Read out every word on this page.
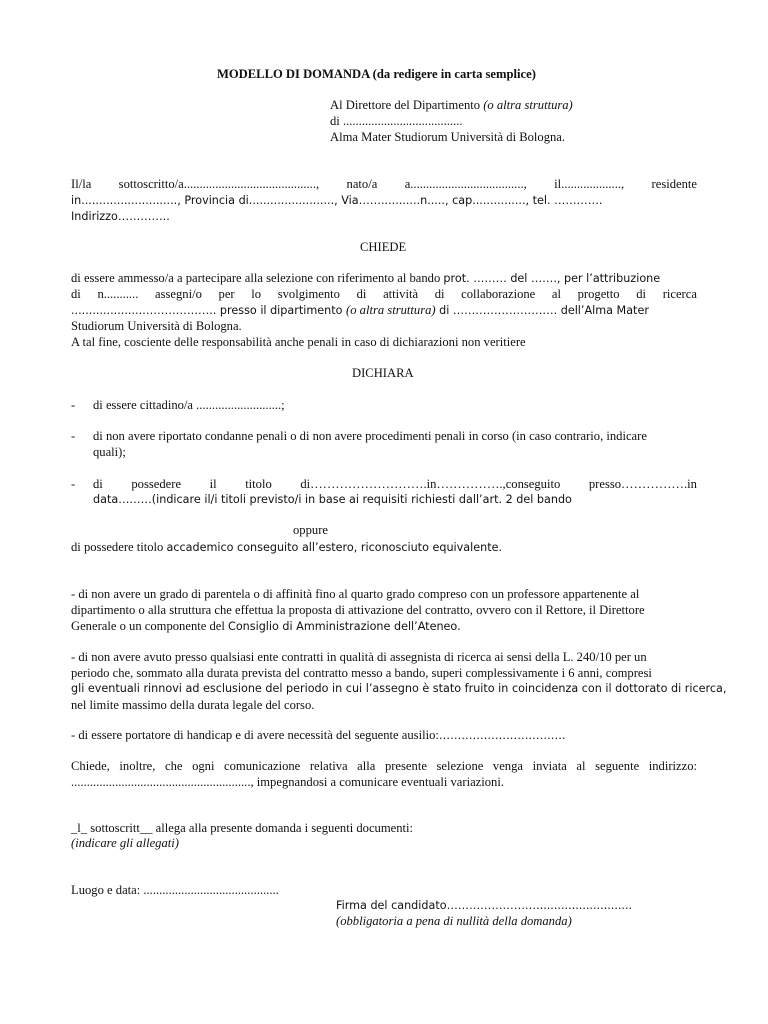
MODELLO DI DOMANDA (da redigere in carta semplice)
Al Direttore del Dipartimento (o altra struttura)
di ......................................
Alma Mater Studiorum Università di Bologna.
Il/la sottoscritto/a.........................................., nato/a a...................................., il..................., residente
in..........................., Provincia di........................, Via……...........n....., cap..............., tel. ………….
Indirizzo…………..
CHIEDE
di essere ammesso/a a partecipare alla selezione con riferimento al bando prot. ……… del ……., per l’attribuzione
di n........... assegni/o per lo svolgimento di attività di collaborazione al progetto di ricerca
....................……………….. presso il dipartimento (o altra struttura) di ………………………. dell’Alma Mater
Studiorum Università di Bologna.
A tal fine, cosciente delle responsabilità anche penali in caso di dichiarazioni non veritiere
DICHIARA
- di essere cittadino/a ...........................;
- di non avere riportato condanne penali o di non avere procedimenti penali in corso (in caso contrario, indicare
quali);
- di possedere il titolo di……………………….in…………….,conseguito presso…………….in
data………(indicare il/i titoli previsto/i in base ai requisiti richiesti dall’art. 2 del bando
oppure
di possedere titolo accademico conseguito all’estero, riconosciuto equivalente.
- di non avere un grado di parentela o di affinità fino al quarto grado compreso con un professore appartenente al
dipartimento o alla struttura che effettua la proposta di attivazione del contratto, ovvero con il Rettore, il Direttore
Generale o un componente del Consiglio di Amministrazione dell’Ateneo.
- di non avere avuto presso qualsiasi ente contratti in qualità di assegnista di ricerca ai sensi della L. 240/10 per un
periodo che, sommato alla durata prevista del contratto messo a bando, superi complessivamente i 6 anni, compresi
gli eventuali rinnovi ad esclusione del periodo in cui l’assegno è stato fruito in coincidenza con il dottorato di ricerca,
nel limite massimo della durata legale del corso.
- di essere portatore di handicap e di avere necessità del seguente ausilio:…………………………….
Chiede, inoltre, che ogni comunicazione relativa alla presente selezione venga inviata al seguente indirizzo:
........................................................., impegnandosi a comunicare eventuali variazioni.
_l_ sottoscritt__ allega alla presente domanda i seguenti documenti:
(indicare gli allegati)
Luogo e data: ...........................................
Firma del candidato……………………...........................
(obbligatoria a pena di nullità della domanda)
